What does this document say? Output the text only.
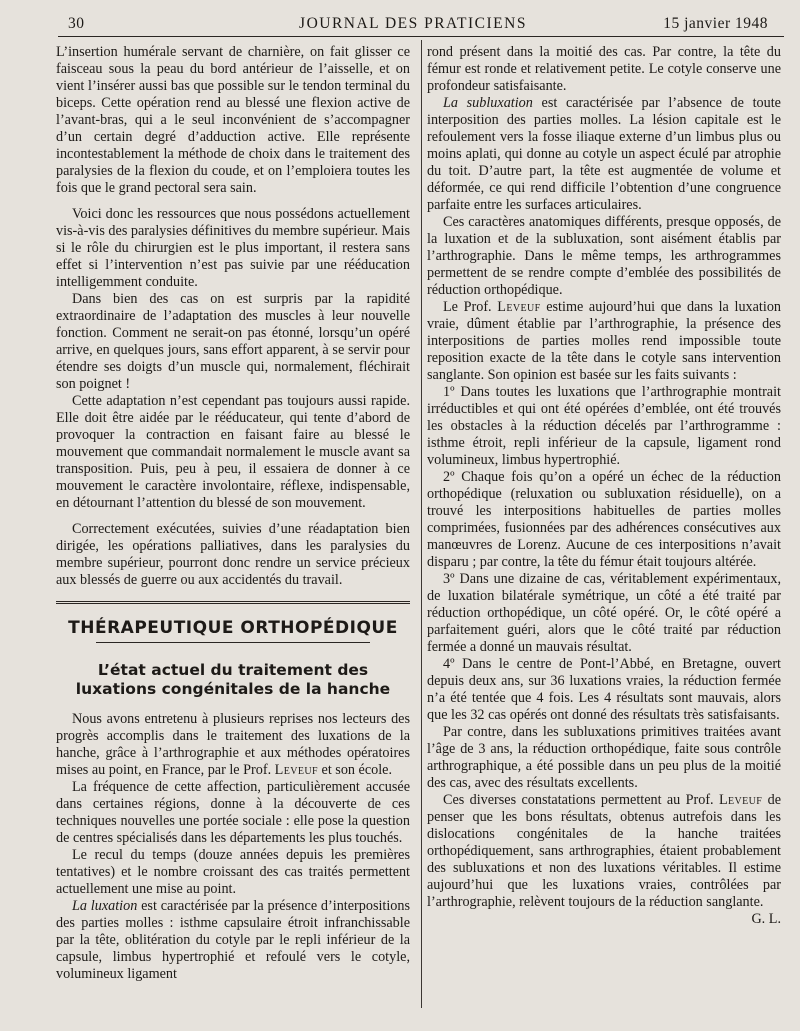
30	JOURNAL DES PRATICIENS	15 janvier 1948

L’insertion humérale servant de charnière, on fait glisser ce faisceau sous la peau du bord antérieur de l’aisselle, et on vient l’insérer aussi bas que possible sur le tendon terminal du biceps. Cette opération rend au blessé une flexion active de l’avant-bras, qui a le seul inconvénient de s’accompagner d’un certain degré d’adduction active. Elle représente incontestablement la méthode de choix dans le traitement des paralysies de la flexion du coude, et on l’emploiera toutes les fois que le grand pectoral sera sain.

Voici donc les ressources que nous possédons actuellement vis-à-vis des paralysies définitives du membre supérieur. Mais si le rôle du chirurgien est le plus important, il restera sans effet si l’intervention n’est pas suivie par une rééducation intelligemment conduite.

Dans bien des cas on est surpris par la rapidité extraordinaire de l’adaptation des muscles à leur nouvelle fonction. Comment ne serait-on pas étonné, lorsqu’un opéré arrive, en quelques jours, sans effort apparent, à se servir pour étendre ses doigts d’un muscle qui, normalement, fléchirait son poignet !

Cette adaptation n’est cependant pas toujours aussi rapide. Elle doit être aidée par le rééducateur, qui tente d’abord de provoquer la contraction en faisant faire au blessé le mouvement que commandait normalement le muscle avant sa transposition. Puis, peu à peu, il essaiera de donner à ce mouvement le caractère involontaire, réflexe, indispensable, en détournant l’attention du blessé de son mouvement.

Correctement exécutées, suivies d’une réadaptation bien dirigée, les opérations palliatives, dans les paralysies du membre supérieur, pourront donc rendre un service précieux aux blessés de guerre ou aux accidentés du travail.

THÉRAPEUTIQUE ORTHOPÉDIQUE
L’état actuel du traitement des luxations congénitales de la hanche

Nous avons entretenu à plusieurs reprises nos lecteurs des progrès accomplis dans le traitement des luxations de la hanche, grâce à l’arthrographie et aux méthodes opératoires mises au point, en France, par le Prof. Leveuf et son école.

La fréquence de cette affection, particulièrement accusée dans certaines régions, donne à la découverte de ces techniques nouvelles une portée sociale : elle pose la question de centres spécialisés dans les départements les plus touchés.

Le recul du temps (douze années depuis les premières tentatives) et le nombre croissant des cas traités permettent actuellement une mise au point.

La luxation est caractérisée par la présence d’interpositions des parties molles : isthme capsulaire étroit infranchissable par la tête, oblitération du cotyle par le repli inférieur de la capsule, limbus hypertrophié et refoulé vers le cotyle, volumineux ligament

rond présent dans la moitié des cas. Par contre, la tête du fémur est ronde et relativement petite. Le cotyle conserve une profondeur satisfaisante.

La subluxation est caractérisée par l’absence de toute interposition des parties molles. La lésion capitale est le refoulement vers la fosse iliaque externe d’un limbus plus ou moins aplati, qui donne au cotyle un aspect éculé par atrophie du toit. D’autre part, la tête est augmentée de volume et déformée, ce qui rend difficile l’obtention d’une congruence parfaite entre les surfaces articulaires.

Ces caractères anatomiques différents, presque opposés, de la luxation et de la subluxation, sont aisément établis par l’arthrographie. Dans le même temps, les arthrogrammes permettent de se rendre compte d’emblée des possibilités de réduction orthopédique.

Le Prof. Leveuf estime aujourd’hui que dans la luxation vraie, dûment établie par l’arthrographie, la présence des interpositions de parties molles rend impossible toute reposition exacte de la tête dans le cotyle sans intervention sanglante. Son opinion est basée sur les faits suivants :

1º Dans toutes les luxations que l’arthrographie montrait irréductibles et qui ont été opérées d’emblée, ont été trouvés les obstacles à la réduction décelés par l’arthrogramme : isthme étroit, repli inférieur de la capsule, ligament rond volumineux, limbus hypertrophié.

2º Chaque fois qu’on a opéré un échec de la réduction orthopédique (reluxation ou subluxation résiduelle), on a trouvé les interpositions habituelles de parties molles comprimées, fusionnées par des adhérences consécutives aux manœuvres de Lorenz. Aucune de ces interpositions n’avait disparu ; par contre, la tête du fémur était toujours altérée.

3º Dans une dizaine de cas, véritablement expérimentaux, de luxation bilatérale symétrique, un côté a été traité par réduction orthopédique, un côté opéré. Or, le côté opéré a parfaitement guéri, alors que le côté traité par réduction fermée a donné un mauvais résultat.

4º Dans le centre de Pont-l’Abbé, en Bretagne, ouvert depuis deux ans, sur 36 luxations vraies, la réduction fermée n’a été tentée que 4 fois. Les 4 résultats sont mauvais, alors que les 32 cas opérés ont donné des résultats très satisfaisants.

Par contre, dans les subluxations primitives traitées avant l’âge de 3 ans, la réduction orthopédique, faite sous contrôle arthrographique, a été possible dans un peu plus de la moitié des cas, avec des résultats excellents.

Ces diverses constatations permettent au Prof. Leveuf de penser que les bons résultats, obtenus autrefois dans les dislocations congénitales de la hanche traitées orthopédiquement, sans arthrographies, étaient probablement des subluxations et non des luxations véritables. Il estime aujourd’hui que les luxations vraies, contrôlées par l’arthrographie, relèvent toujours de la réduction sanglante.
G. L.
